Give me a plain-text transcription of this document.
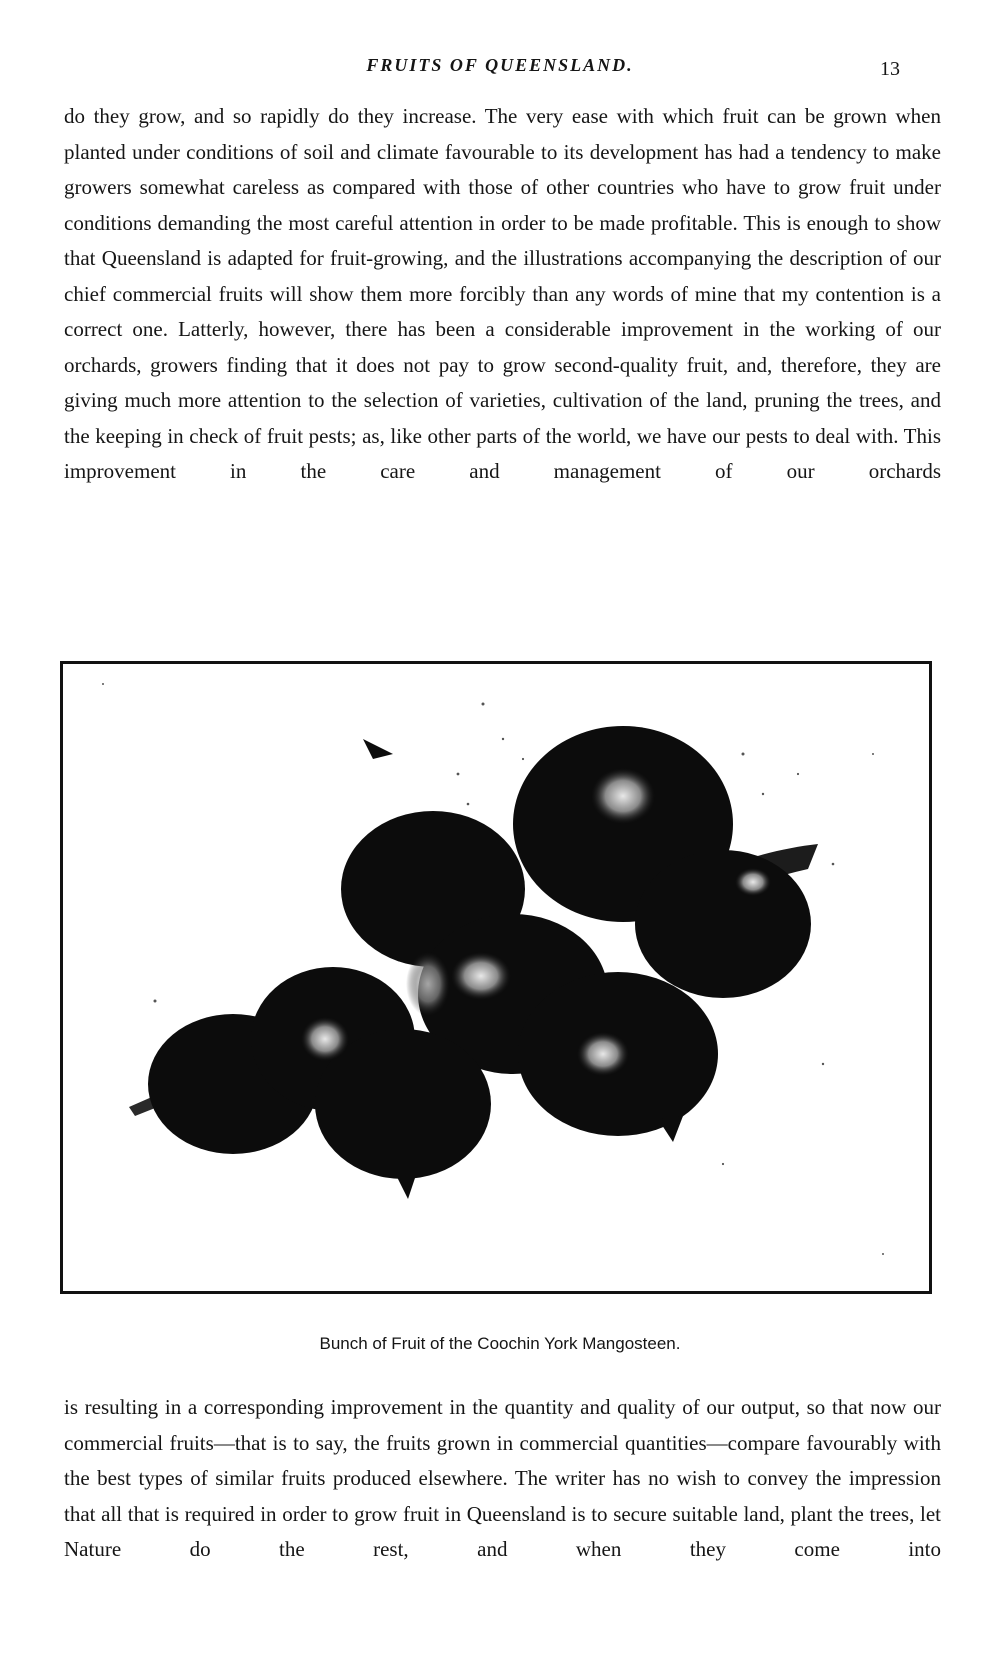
FRUITS OF QUEENSLAND.	13

do they grow, and so rapidly do they increase. The very ease with which fruit can be grown when planted under conditions of soil and climate favourable to its development has had a tendency to make growers somewhat careless as compared with those of other countries who have to grow fruit under conditions demanding the most careful attention in order to be made profitable. This is enough to show that Queensland is adapted for fruit-growing, and the illustrations accompanying the description of our chief commercial fruits will show them more forcibly than any words of mine that my contention is a correct one. Latterly, however, there has been a considerable improvement in the working of our orchards, growers finding that it does not pay to grow second-quality fruit, and, therefore, they are giving much more attention to the selection of varieties, cultivation of the land, pruning the trees, and the keeping in check of fruit pests; as, like other parts of the world, we have our pests to deal with. This improvement in the care and management of our orchards

Bunch of Fruit of the Coochin York Mangosteen.

is resulting in a corresponding improvement in the quantity and quality of our output, so that now our commercial fruits—that is to say, the fruits grown in commercial quantities—compare favourably with the best types of similar fruits produced elsewhere. The writer has no wish to convey the impression that all that is required in order to grow fruit in Queensland is to secure suitable land, plant the trees, let Nature do the rest, and when they come into
